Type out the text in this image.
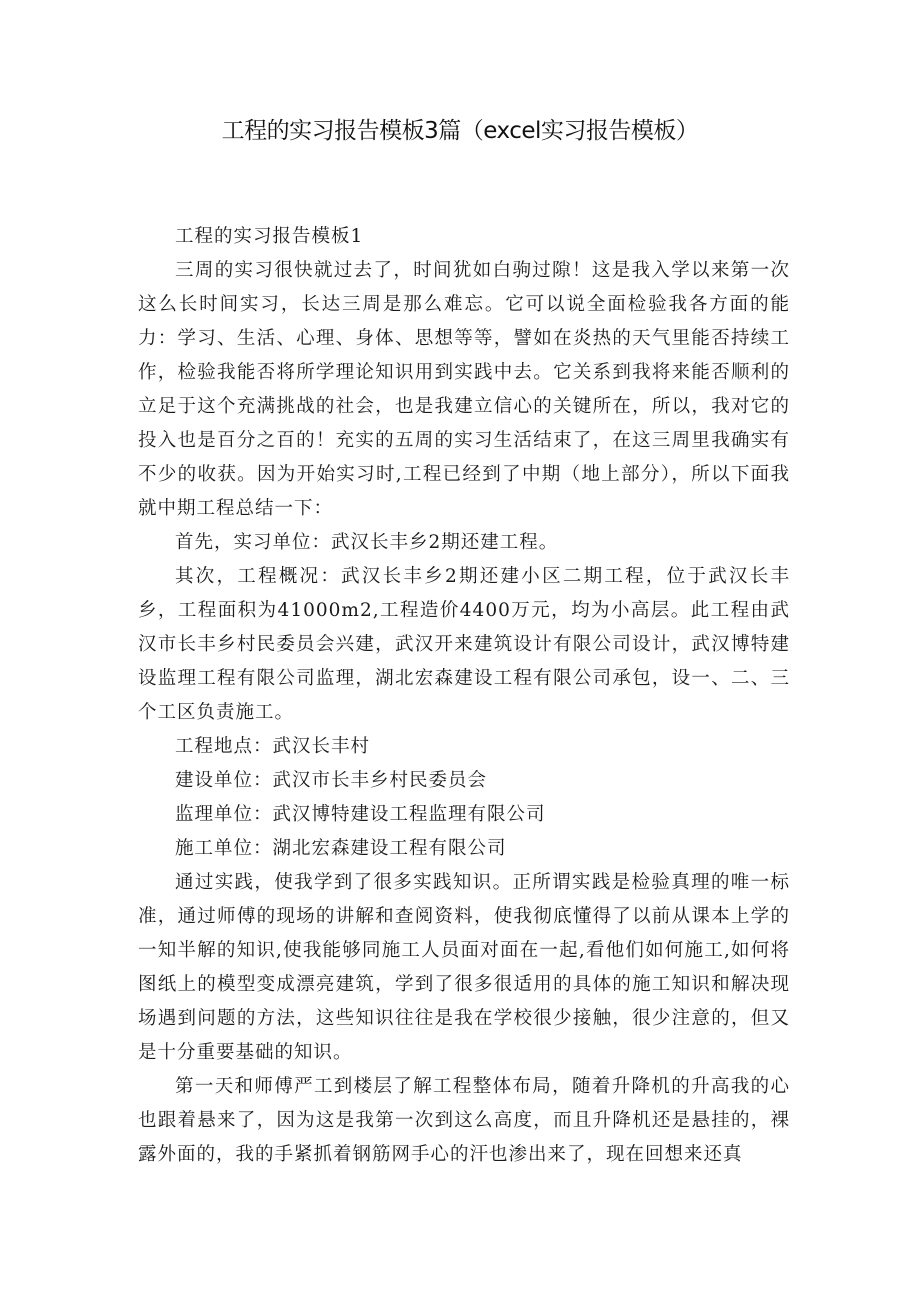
工程的实习报告模板3篇（excel实习报告模板）

工程的实习报告模板1

三周的实习很快就过去了，时间犹如白驹过隙！这是我入学以来第一次这么长时间实习，长达三周是那么难忘。它可以说全面检验我各方面的能力：学习、生活、心理、身体、思想等等，譬如在炎热的天气里能否持续工作，检验我能否将所学理论知识用到实践中去。它关系到我将来能否顺利的立足于这个充满挑战的社会，也是我建立信心的关键所在，所以，我对它的投入也是百分之百的！充实的五周的实习生活结束了，在这三周里我确实有不少的收获。因为开始实习时,工程已经到了中期（地上部分），所以下面我就中期工程总结一下：

首先，实习单位：武汉长丰乡2期还建工程。

其次，工程概况：武汉长丰乡2期还建小区二期工程，位于武汉长丰乡，工程面积为41000m2,工程造价4400万元，均为小高层。此工程由武汉市长丰乡村民委员会兴建，武汉开来建筑设计有限公司设计，武汉博特建设监理工程有限公司监理，湖北宏森建设工程有限公司承包，设一、二、三个工区负责施工。

工程地点：武汉长丰村

建设单位：武汉市长丰乡村民委员会

监理单位：武汉博特建设工程监理有限公司

施工单位：湖北宏森建设工程有限公司

通过实践，使我学到了很多实践知识。正所谓实践是检验真理的唯一标准，通过师傅的现场的讲解和查阅资料，使我彻底懂得了以前从课本上学的一知半解的知识,使我能够同施工人员面对面在一起,看他们如何施工,如何将图纸上的模型变成漂亮建筑，学到了很多很适用的具体的施工知识和解决现场遇到问题的方法，这些知识往往是我在学校很少接触，很少注意的，但又是十分重要基础的知识。

第一天和师傅严工到楼层了解工程整体布局，随着升降机的升高我的心也跟着悬来了，因为这是我第一次到这么高度，而且升降机还是悬挂的，裸露外面的，我的手紧抓着钢筋网手心的汗也渗出来了，现在回想来还真
